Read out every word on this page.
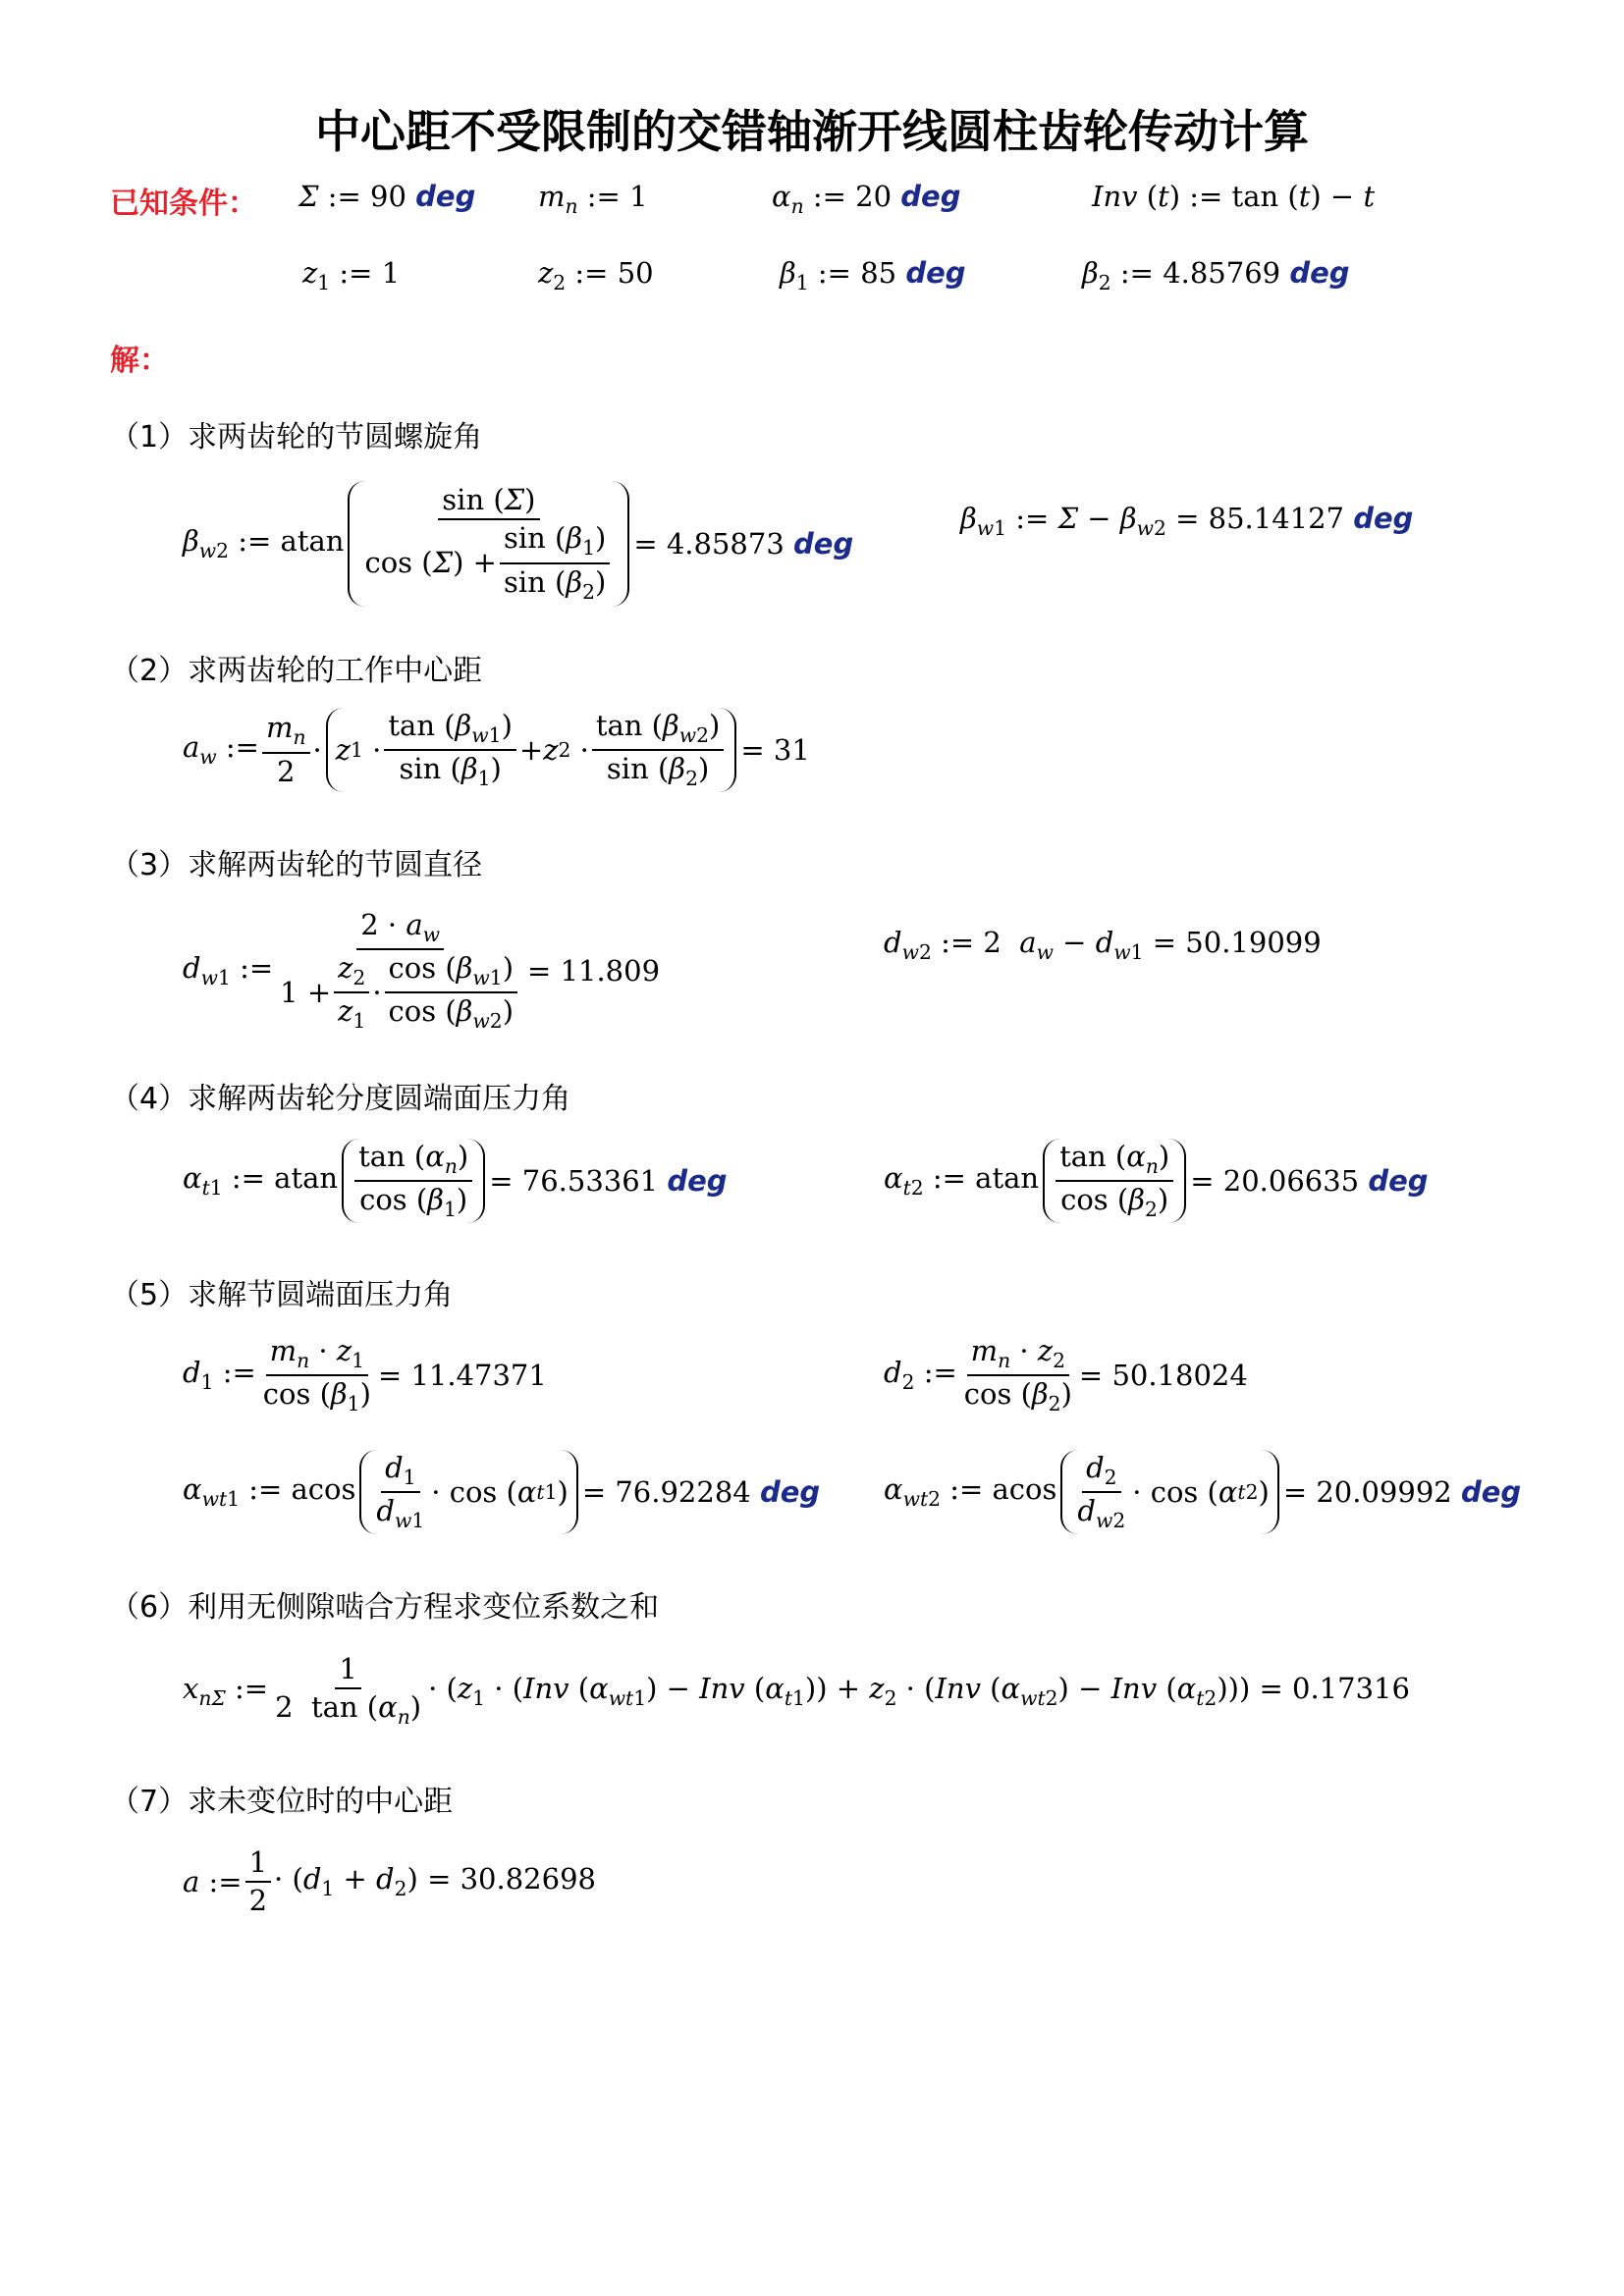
中心距不受限制的交错轴渐开线圆柱齿轮传动计算
已知条件： Σ := 90 deg $m_n$ := 1	$\alpha_n$ := 20 deg	Inv (t) := tan (t) − t
$z_1$ := 1	$z_2$ := 50	$\beta_1$ := 85 deg	$\beta_2$ := 4.85769 deg
解：
（1）求两齿轮的节圆螺旋角
$\beta_{w2}$ := atan $\frac{\sin (\Sigma)}{\cos ( \Sigma ) + \frac{\sin (\beta_1)}{\sin (\beta_2)}} = 4.85873$ deg
$\beta_{w1}$ := $\Sigma - \beta_{w2} = 85.14127$ deg
（2）求两齿轮的工作中心距
$a_w$ := $\frac{m_n}{2} \cdot z$ $1 \cdot \frac{\tan (\beta_{w1})}{\sin (\beta_1)} + z$ $2 \cdot \frac{\tan (\beta_{w2})}{\sin (\beta_2)} = 31$
（3）求解两齿轮的节圆直径
$d_{w1}$ := $\frac{2 \cdot a_w}{1 + \frac{z_2}{z_1} \cdot \frac{\cos (\beta_{w1})}{\cos (\beta_{w2})}} = 11.809$
$d_{w2}$ := 2  $a_w - d_{w1} = 50.19099$
（4）求解两齿轮分度圆端面压力角
$\alpha_{t1}$ := atan $\frac{\tan (\alpha_n)}{\cos (\beta_1)} = 76.53361$ deg	$\alpha_{t2}$ := atan $\frac{\tan (\alpha_n)}{\cos (\beta_2)} = 20.06635$ deg
（5）求解节圆端面压力角
$d_1$ := $\frac{m_n \cdot z_1}{\cos (\beta_1)} = 11.47371$	$d_2$ := $\frac{m_n \cdot z_2}{\cos (\beta_2)} = 50.18024$
$\alpha_{wt1}$ := acos $\frac{d_1}{d_{w1}} \cdot \cos$ ( α t 1 ) = 76.92284 deg $\alpha_{wt2}$ := acos $\frac{d_2}{d_{w2}} \cdot \cos$ ( α t 2 ) = 20.09992 deg
（6）利用无侧隙啮合方程求变位系数之和
$x_{n\Sigma}$ := $\frac{1}{2 \tan (\alpha_n)} \cdot (z_1 \cdot (Inv$ $(\alpha_{wt1})$ − Inv $(\alpha_{t1})) + z_2 \cdot (Inv$ $(\alpha_{wt2})$ − Inv $(\alpha_{t2}))) = 0.17316$
（7）求未变位时的中心距
a := $\frac{1}{2} \cdot (d_1 + d_2) = 30.82698$
